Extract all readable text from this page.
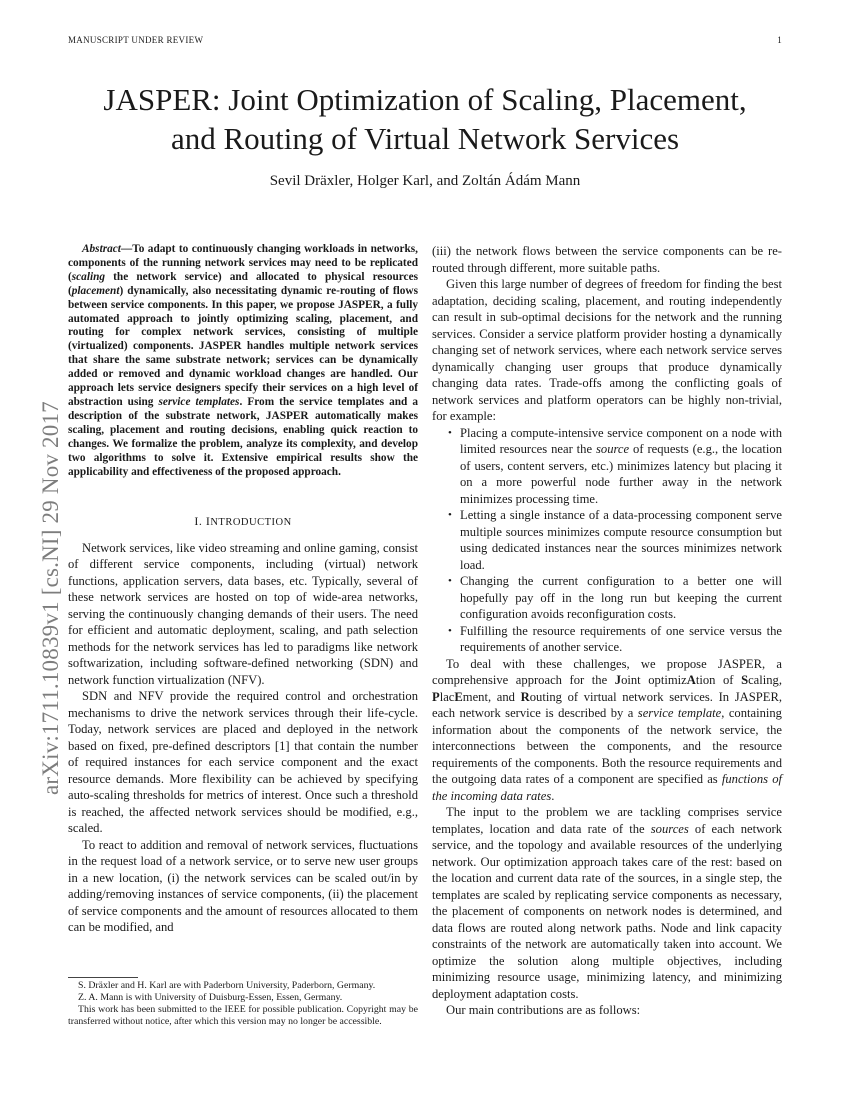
MANUSCRIPT UNDER REVIEW	1
arXiv:1711.10839v1 [cs.NI] 29 Nov 2017
JASPER: Joint Optimization of Scaling, Placement,
and Routing of Virtual Network Services
Sevil Dräxler, Holger Karl, and Zoltán Ádám Mann

Abstract—To adapt to continuously changing workloads in networks, components of the running network services may need to be replicated (scaling the network service) and allocated to physical resources (placement) dynamically, also necessitating dynamic re-routing of flows between service components. In this paper, we propose JASPER, a fully automated approach to jointly optimizing scaling, placement, and routing for complex network services, consisting of multiple (virtualized) components. JASPER handles multiple network services that share the same substrate network; services can be dynamically added or removed and dynamic workload changes are handled. Our approach lets service designers specify their services on a high level of abstraction using service templates. From the service templates and a description of the substrate network, JASPER automatically makes scaling, placement and routing decisions, enabling quick reaction to changes. We formalize the problem, analyze its complexity, and develop two algorithms to solve it. Extensive empirical results show the applicability and effectiveness of the proposed approach.

I. INTRODUCTION

Network services, like video streaming and online gaming, consist of different service components, including (virtual) network functions, application servers, data bases, etc. Typically, several of these network services are hosted on top of wide-area networks, serving the continuously changing demands of their users. The need for efficient and automatic deployment, scaling, and path selection methods for the network services has led to paradigms like network softwarization, including software-defined networking (SDN) and network function virtualization (NFV).

SDN and NFV provide the required control and orchestration mechanisms to drive the network services through their life-cycle. Today, network services are placed and deployed in the network based on fixed, pre-defined descriptors [1] that contain the number of required instances for each service component and the exact resource demands. More flexibility can be achieved by specifying auto-scaling thresholds for metrics of interest. Once such a threshold is reached, the affected network services should be modified, e.g., scaled.

To react to addition and removal of network services, fluctuations in the request load of a network service, or to serve new user groups in a new location, (i) the network services can be scaled out/in by adding/removing instances of service components, (ii) the placement of service components and the amount of resources allocated to them can be modified, and

S. Dräxler and H. Karl are with Paderborn University, Paderborn, Germany.

Z. A. Mann is with University of Duisburg-Essen, Essen, Germany.

This work has been submitted to the IEEE for possible publication. Copyright may be transferred without notice, after which this version may no longer be accessible.

(iii) the network flows between the service components can be re-routed through different, more suitable paths.

Given this large number of degrees of freedom for finding the best adaptation, deciding scaling, placement, and routing independently can result in sub-optimal decisions for the network and the running services. Consider a service platform provider hosting a dynamically changing set of network services, where each network service serves dynamically changing user groups that produce dynamically changing data rates. Trade-offs among the conflicting goals of network services and platform operators can be highly non-trivial, for example:

• Placing a compute-intensive service component on a node with limited resources near the source of requests (e.g., the location of users, content servers, etc.) minimizes latency but placing it on a more powerful node further away in the network minimizes processing time.
• Letting a single instance of a data-processing component serve multiple sources minimizes compute resource consumption but using dedicated instances near the sources minimizes network load.
• Changing the current configuration to a better one will hopefully pay off in the long run but keeping the current configuration avoids reconfiguration costs.
• Fulfilling the resource requirements of one service versus the requirements of another service.

To deal with these challenges, we propose JASPER, a comprehensive approach for the Joint optimizAtion of Scaling, PlacEment, and Routing of virtual network services. In JASPER, each network service is described by a service template, containing information about the components of the network service, the interconnections between the components, and the resource requirements of the components. Both the resource requirements and the outgoing data rates of a component are specified as functions of the incoming data rates.

The input to the problem we are tackling comprises service templates, location and data rate of the sources of each network service, and the topology and available resources of the underlying network. Our optimization approach takes care of the rest: based on the location and current data rate of the sources, in a single step, the templates are scaled by replicating service components as necessary, the placement of components on network nodes is determined, and data flows are routed along network paths. Node and link capacity constraints of the network are automatically taken into account. We optimize the solution along multiple objectives, including minimizing resource usage, minimizing latency, and minimizing deployment adaptation costs.

Our main contributions are as follows:
